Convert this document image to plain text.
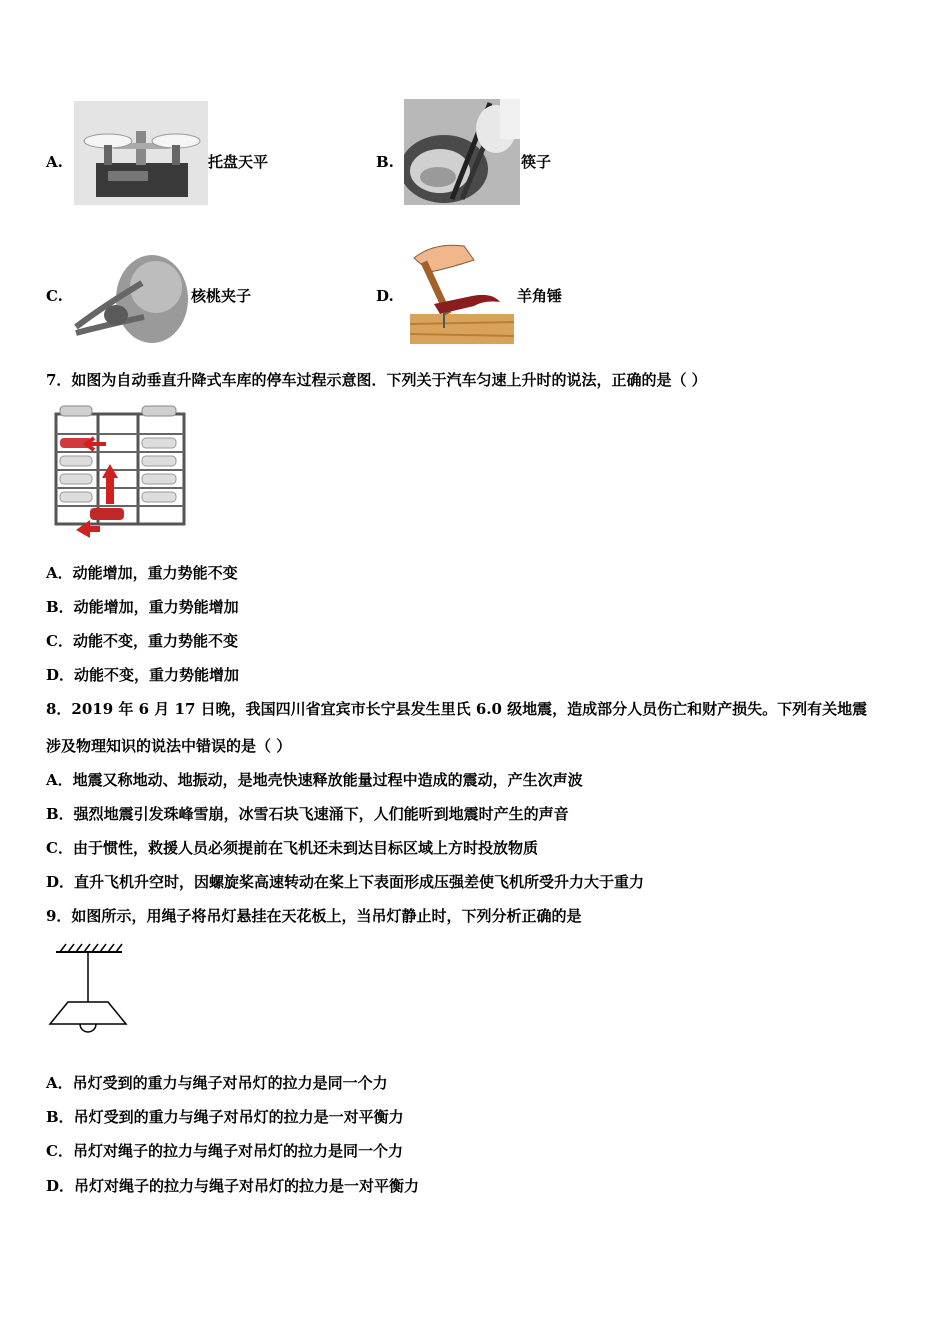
A.	托盘天平	B.	筷子
C.	核桃夹子	D.	羊角锤
7．如图为自动垂直升降式车库的停车过程示意图．下列关于汽车匀速上升时的说法，正确的是（ ）
A．动能增加，重力势能不变
B．动能增加，重力势能增加
C．动能不变，重力势能不变
D．动能不变，重力势能增加
8．2019 年 6 月 17 日晚，我国四川省宜宾市长宁县发生里氏 6.0 级地震，造成部分人员伤亡和财产损失。下列有关地震
涉及物理知识的说法中错误的是（ ）
A．地震又称地动、地振动，是地壳快速释放能量过程中造成的震动，产生次声波
B．强烈地震引发珠峰雪崩，冰雪石块飞速涌下，人们能听到地震时产生的声音
C．由于惯性，救援人员必须提前在飞机还未到达目标区域上方时投放物质
D．直升飞机升空时，因螺旋桨高速转动在桨上下表面形成压强差使飞机所受升力大于重力
9．如图所示，用绳子将吊灯悬挂在天花板上，当吊灯静止时，下列分析正确的是
A．吊灯受到的重力与绳子对吊灯的拉力是同一个力
B．吊灯受到的重力与绳子对吊灯的拉力是一对平衡力
C．吊灯对绳子的拉力与绳子对吊灯的拉力是同一个力
D．吊灯对绳子的拉力与绳子对吊灯的拉力是一对平衡力
